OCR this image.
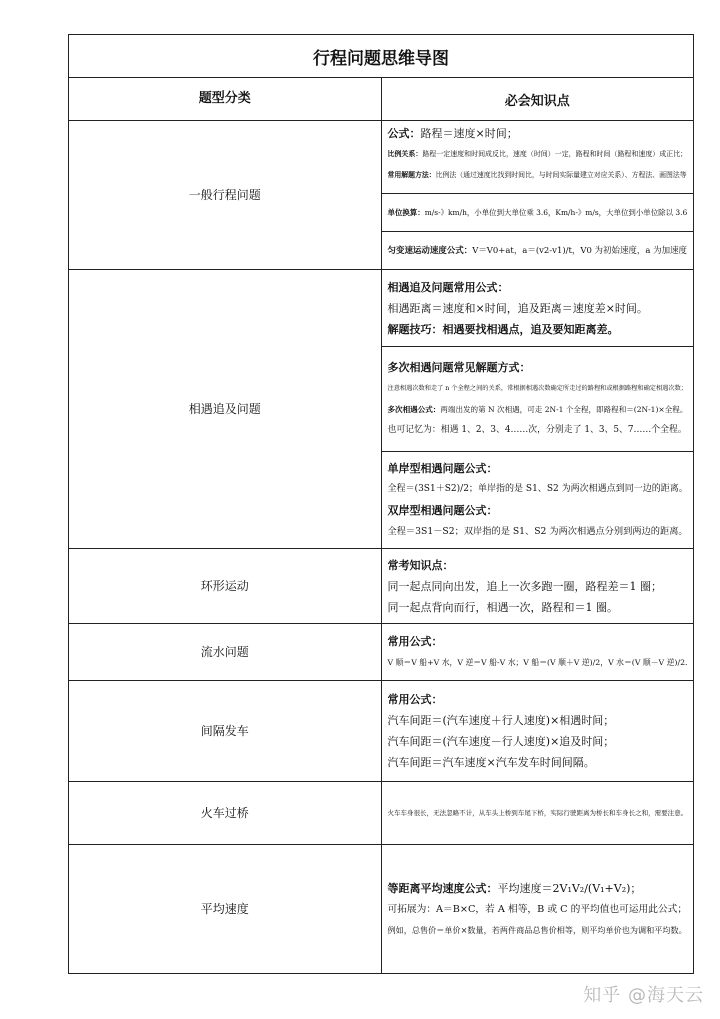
行程问题思维导图	
题型分类	必会知识点
一般行程问题	公式：路程＝速度×时间；
比例关系：路程一定速度和时间成反比，速度（时间）一定，路程和时间（路程和速度）成正比；
常用解题方法：比例法（通过速度比找到时间比，与时间实际量建立对应关系）、方程法、画图法等

	单位换算：m/s-》km/h，小单位到大单位乘 3.6，Km/h-》m/s，大单位到小单位除以 3.6

	匀变速运动速度公式：V＝V0+at，a＝(v2-v1)/t，V0 为初始速度，a 为加速度

相遇追及问题	相遇追及问题常用公式：
相遇距离＝速度和×时间，追及距离＝速度差×时间。
解题技巧：相遇要找相遇点，追及要知距离差。

	多次相遇问题常见解题方式：
注意相遇次数和走了 n 个全程之间的关系，常根据相遇次数确定所走过的路程和或根据路程和确定相遇次数；
多次相遇公式：两端出发的第 N 次相遇，可走 2N-1 个全程，即路程和＝(2N-1)×全程。
也可记忆为：相遇 1、2、3、4……次，分别走了 1、3、5、7……个全程。

	单岸型相遇问题公式：
全程＝(3S1＋S2)/2；单岸指的是 S1、S2 为两次相遇点到同一边的距离。
双岸型相遇问题公式：
全程＝3S1－S2；双岸指的是 S1、S2 为两次相遇点分别到两边的距离。

环形运动	常考知识点：
同一起点同向出发，追上一次多跑一圈，路程差＝1 圈；
同一起点背向而行，相遇一次，路程和＝1 圈。

流水问题	常用公式：
V 顺＝V 船+V 水，V 逆＝V 船-V 水；V 船＝(V 顺＋V 逆)/2，V 水＝(V 顺－V 逆)/2.

间隔发车	常用公式：
汽车间距＝(汽车速度＋行人速度)×相遇时间；
汽车间距＝(汽车速度－行人速度)×追及时间；
汽车间距＝汽车速度×汽车发车时间间隔。

火车过桥	火车车身很长，无法忽略不计，从车头上桥到车尾下桥，实际行驶距离为桥长和车身长之和，需要注意。

平均速度	等距离平均速度公式：平均速度＝2V₁V₂/(V₁+V₂)；
可拓展为：A＝B×C，若 A 相等，B 或 C 的平均值也可运用此公式；
例如，总售价＝单价×数量，若两件商品总售价相等，则平均单价也为调和平均数。
知乎 @海天云
